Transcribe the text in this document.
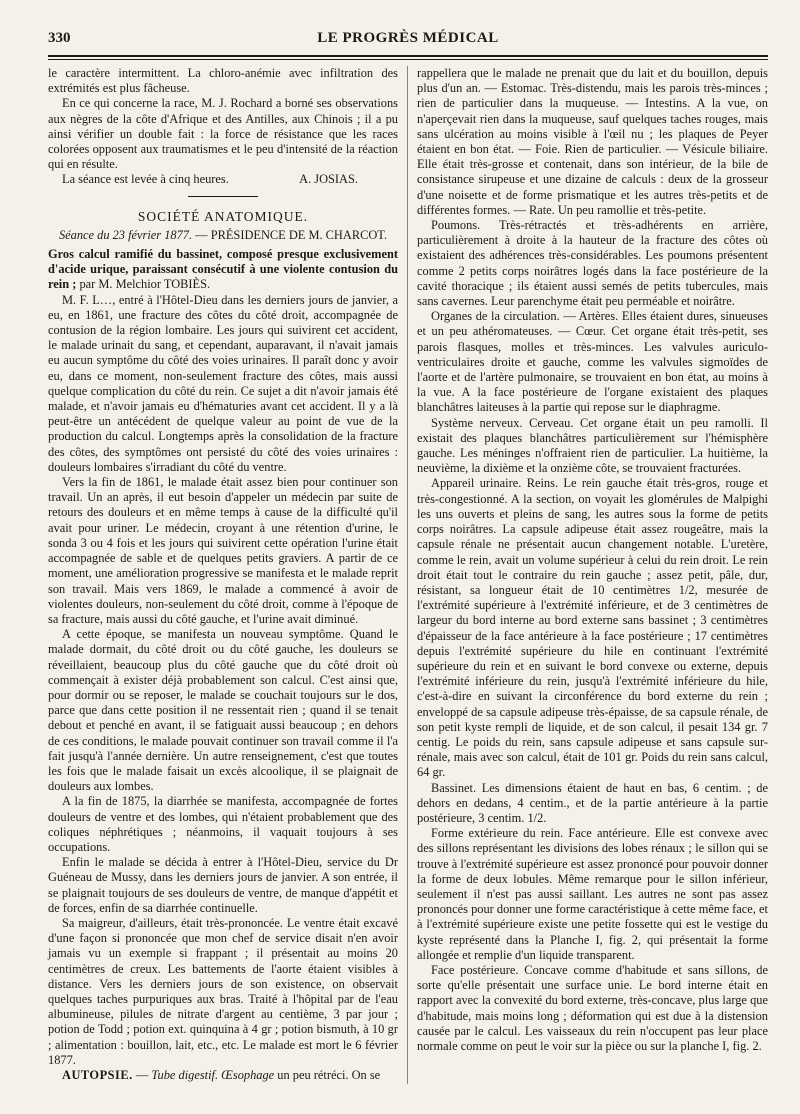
330	LE PROGRÈS MÉDICAL

le caractère intermittent. La chloro-anémie avec infiltration des extrémités est plus fâcheuse.

En ce qui concerne la race, M. J. Rochard a borné ses observations aux nègres de la côte d'Afrique et des Antilles, aux Chinois ; il a pu ainsi vérifier un double fait : la force de résistance que les races colorées opposent aux traumatismes et le peu d'intensité de la réaction qui en résulte.

La séance est levée à cinq heures.	A. JOSIAS.
SOCIÉTÉ ANATOMIQUE.
Séance du 23 février 1877. — PRÉSIDENCE DE M. CHARCOT.

Gros calcul ramifié du bassinet, composé presque exclusivement d'acide urique, paraissant consécutif à une violente contusion du rein ; par M. Melchior TOBIÈS.

M. F. L…, entré à l'Hôtel-Dieu dans les derniers jours de janvier, a eu, en 1861, une fracture des côtes du côté droit, accompagnée de contusion de la région lombaire. Les jours qui suivirent cet accident, le malade urinait du sang, et cependant, auparavant, il n'avait jamais eu aucun symptôme du côté des voies urinaires. Il paraît donc y avoir eu, dans ce moment, non-seulement fracture des côtes, mais aussi quelque complication du côté du rein. Ce sujet a dit n'avoir jamais été malade, et n'avoir jamais eu d'hématuries avant cet accident. Il y a là peut-être un antécédent de quelque valeur au point de vue de la production du calcul. Longtemps après la consolidation de la fracture des côtes, des symptômes ont persisté du côté des voies urinaires : douleurs lombaires s'irradiant du côté du ventre.

Vers la fin de 1861, le malade était assez bien pour continuer son travail. Un an après, il eut besoin d'appeler un médecin par suite de retours des douleurs et en même temps à cause de la difficulté qu'il avait pour uriner. Le médecin, croyant à une rétention d'urine, le sonda 3 ou 4 fois et les jours qui suivirent cette opération l'urine était accompagnée de sable et de quelques petits graviers. A partir de ce moment, une amélioration progressive se manifesta et le malade reprit son travail. Mais vers 1869, le malade a commencé à avoir de violentes douleurs, non-seulement du côté droit, comme à l'époque de sa fracture, mais aussi du côté gauche, et l'urine avait diminué.

A cette époque, se manifesta un nouveau symptôme. Quand le malade dormait, du côté droit ou du côté gauche, les douleurs se réveillaient, beaucoup plus du côté gauche que du côté droit où commençait à exister déjà probablement son calcul. C'est ainsi que, pour dormir ou se reposer, le malade se couchait toujours sur le dos, parce que dans cette position il ne ressentait rien ; quand il se tenait debout et penché en avant, il se fatiguait aussi beaucoup ; en dehors de ces conditions, le malade pouvait continuer son travail comme il l'a fait jusqu'à l'année dernière. Un autre renseignement, c'est que toutes les fois que le malade faisait un excès alcoolique, il se plaignait de douleurs aux lombes.

A la fin de 1875, la diarrhée se manifesta, accompagnée de fortes douleurs de ventre et des lombes, qui n'étaient probablement que des coliques néphrétiques ; néanmoins, il vaquait toujours à ses occupations.

Enfin le malade se décida à entrer à l'Hôtel-Dieu, service du Dr Guéneau de Mussy, dans les derniers jours de janvier. A son entrée, il se plaignait toujours de ses douleurs de ventre, de manque d'appétit et de forces, enfin de sa diarrhée continuelle.

Sa maigreur, d'ailleurs, était très-prononcée. Le ventre était excavé d'une façon si prononcée que mon chef de service disait n'en avoir jamais vu un exemple si frappant ; il présentait au moins 20 centimètres de creux. Les battements de l'aorte étaient visibles à distance. Vers les derniers jours de son existence, on observait quelques taches purpuriques aux bras. Traité à l'hôpital par de l'eau albumineuse, pilules de nitrate d'argent au centième, 3 par jour ; potion de Todd ; potion ext. quinquina à 4 gr ; potion bismuth, à 10 gr ; alimentation : bouillon, lait, etc., etc. Le malade est mort le 6 février 1877.

AUTOPSIE. — Tube digestif. Œsophage un peu rétréci. On se

rappellera que le malade ne prenait que du lait et du bouillon, depuis plus d'un an. — Estomac. Très-distendu, mais les parois très-minces ; rien de particulier dans la muqueuse. — Intestins. A la vue, on n'aperçevait rien dans la muqueuse, sauf quelques taches rouges, mais sans ulcération au moins visible à l'œil nu ; les plaques de Peyer étaient en bon état. — Foie. Rien de particulier. — Vésicule biliaire. Elle était très-grosse et contenait, dans son intérieur, de la bile de consistance sirupeuse et une dizaine de calculs : deux de la grosseur d'une noisette et de forme prismatique et les autres très-petits et de différentes formes. — Rate. Un peu ramollie et très-petite.

Poumons. Très-rétractés et très-adhérents en arrière, particulièrement à droite à la hauteur de la fracture des côtes où existaient des adhérences très-considérables. Les poumons présentent comme 2 petits corps noirâtres logés dans la face postérieure de la cavité thoracique ; ils étaient aussi semés de petits tubercules, mais sans cavernes. Leur parenchyme était peu perméable et noirâtre.

Organes de la circulation. — Artères. Elles étaient dures, sinueuses et un peu athéromateuses. — Cœur. Cet organe était très-petit, ses parois flasques, molles et très-minces. Les valvules auriculo-ventriculaires droite et gauche, comme les valvules sigmoïdes de l'aorte et de l'artère pulmonaire, se trouvaient en bon état, au moins à la vue. A la face postérieure de l'organe existaient des plaques blanchâtres laiteuses à la partie qui repose sur le diaphragme.

Système nerveux. Cerveau. Cet organe était un peu ramolli. Il existait des plaques blanchâtres particulièrement sur l'hémisphère gauche. Les méninges n'offraient rien de particulier. La huitième, la neuvième, la dixième et la onzième côte, se trouvaient fracturées.

Appareil urinaire. Reins. Le rein gauche était très-gros, rouge et très-congestionné. A la section, on voyait les glomérules de Malpighi les uns ouverts et pleins de sang, les autres sous la forme de petits corps noirâtres. La capsule adipeuse était assez rougeâtre, mais la capsule rénale ne présentait aucun changement notable. L'uretère, comme le rein, avait un volume supérieur à celui du rein droit. Le rein droit était tout le contraire du rein gauche ; assez petit, pâle, dur, résistant, sa longueur était de 10 centimètres 1/2, mesurée de l'extrémité supérieure à l'extrémité inférieure, et de 3 centimètres de largeur du bord interne au bord externe sans bassinet ; 3 centimètres d'épaisseur de la face antérieure à la face postérieure ; 17 centimètres depuis l'extrémité supérieure du hile en continuant l'extrémité supérieure du rein et en suivant le bord convexe ou externe, depuis l'extrémité inférieure du rein, jusqu'à l'extrémité inférieure du hile, c'est-à-dire en suivant la circonférence du bord externe du rein ; enveloppé de sa capsule adipeuse très-épaisse, de sa capsule rénale, de son petit kyste rempli de liquide, et de son calcul, il pesait 134 gr. 7 centig. Le poids du rein, sans capsule adipeuse et sans capsule sur-rénale, mais avec son calcul, était de 101 gr. Poids du rein sans calcul, 64 gr.

Bassinet. Les dimensions étaient de haut en bas, 6 centim. ; de dehors en dedans, 4 centim., et de la partie antérieure à la partie postérieure, 3 centim. 1/2.

Forme extérieure du rein. Face antérieure. Elle est convexe avec des sillons représentant les divisions des lobes rénaux ; le sillon qui se trouve à l'extrémité supérieure est assez prononcé pour pouvoir donner la forme de deux lobules. Même remarque pour le sillon inférieur, seulement il n'est pas aussi saillant. Les autres ne sont pas assez prononcés pour donner une forme caractéristique à cette même face, et à l'extrémité supérieure existe une petite fossette qui est le vestige du kyste représenté dans la Planche I, fig. 2, qui présentait la forme allongée et remplie d'un liquide transparent.

Face postérieure. Concave comme d'habitude et sans sillons, de sorte qu'elle présentait une surface unie. Le bord interne était en rapport avec la convexité du bord externe, très-concave, plus large que d'habitude, mais moins long ; déformation qui est due à la distension causée par le calcul. Les vaisseaux du rein n'occupent pas leur place normale comme on peut le voir sur la pièce ou sur la planche I, fig. 2.
